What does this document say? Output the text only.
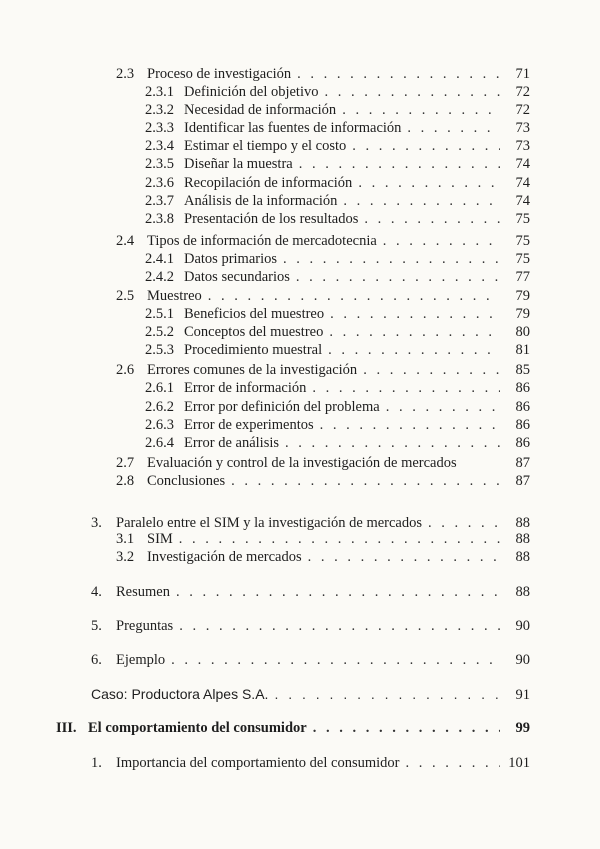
2.3 Proceso de investigación . . .	71
2.3.1 Definición del objetivo . . .	72
2.3.2 Necesidad de información . . .	72
2.3.3 Identificar las fuentes de información . . .	73
2.3.4 Estimar el tiempo y el costo . . .	73
2.3.5 Diseñar la muestra . . .	74
2.3.6 Recopilación de información . . .	74
2.3.7 Análisis de la información . . .	74
2.3.8 Presentación de los resultados . . .	75
2.4 Tipos de información de mercadotecnia . . .	75
2.4.1 Datos primarios . . .	75
2.4.2 Datos secundarios . . .	77
2.5 Muestreo . . .	79
2.5.1 Beneficios del muestreo . . .	79
2.5.2 Conceptos del muestreo . . .	80
2.5.3 Procedimiento muestral . . .	81
2.6 Errores comunes de la investigación . . .	85
2.6.1 Error de información . . .	86
2.6.2 Error por definición del problema . . .	86
2.6.3 Error de experimentos . . .	86
2.6.4 Error de análisis . . .	86
2.7 Evaluación y control de la investigación de mercados	87
2.8 Conclusiones . . .	87
3. Paralelo entre el SIM y la investigación de mercados . . .	88
3.1 SIM . . .	88
3.2 Investigación de mercados . . .	88
4. Resumen . . .	88
5. Preguntas . . .	90
6. Ejemplo . . .	90
Caso: Productora Alpes S.A. . . .	91
III. El comportamiento del consumidor . . .	99
1. Importancia del comportamiento del consumidor . . .	101
